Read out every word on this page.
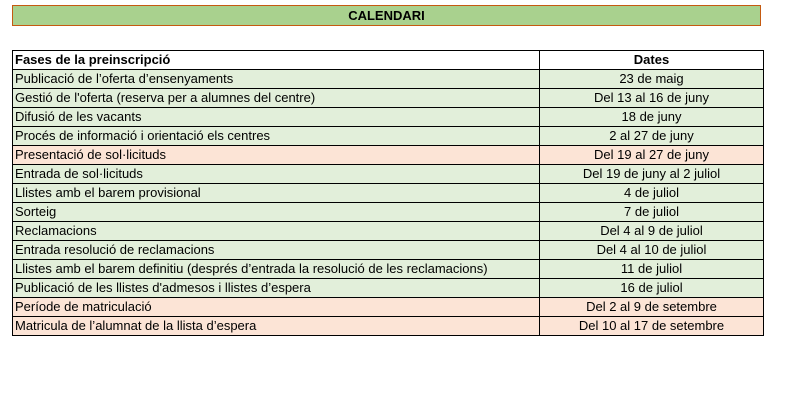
CALENDARI
Fases de la preinscripció	Dates
Publicació de l’oferta d’ensenyaments	23 de maig
Gestió de l'oferta (reserva per a alumnes del centre)	Del 13 al 16 de juny
Difusió de les vacants	18 de juny
Procés de informació i orientació els centres	2 al 27 de juny
Presentació de sol·licituds	Del 19 al 27 de juny
Entrada de sol·licituds	Del 19 de juny al 2 juliol
Llistes amb el barem provisional	4 de juliol
Sorteig	7 de juliol
Reclamacions	Del 4 al 9 de juliol
Entrada resolució de reclamacions	Del 4 al 10 de juliol
Llistes amb el barem definitiu (després d’entrada la resolució de les reclamacions)	11 de juliol
Publicació de les llistes d'admesos i llistes d’espera	16 de juliol
Període de matriculació	Del 2 al 9 de setembre
Matricula de l’alumnat de la llista d’espera	Del 10 al 17 de setembre
